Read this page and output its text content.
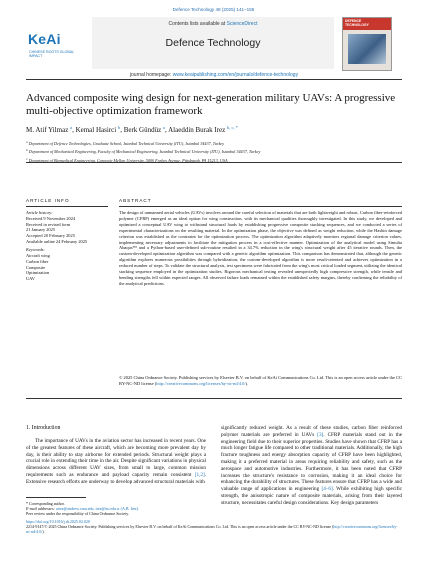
Defence Technology 48 (2025) 141–155
KeAi
CHINESE ROOTS GLOBAL IMPACT
Contents lists available at ScienceDirect
Defence Technology
DEFENCE TECHNOLOGY
journal homepage: www.keaipublishing.com/en/journals/defence-technology
Advanced composite wing design for next-generation military UAVs: A progressive multi-objective optimization framework
M. Atif Yilmaz $^a$, Kemal Hasirci $^b$, Berk Gündüz $^a$, Alaeddin Burak Irez $^{b, c, *}$
$^a$ Department of Defence Technologies, Graduate School, Istanbul Technical University (ITU), Istanbul 34437, Turkey
$^b$ Department of Mechanical Engineering, Faculty of Mechanical Engineering, Istanbul Technical University (ITU), Istanbul 34437, Turkey
$^c$ Department of Biomedical Engineering, Carnegie Mellon University, 5000 Forbes Avenue, Pittsburgh, PA 15213, USA
ARTICLE INFO	ABSTRACT
Article history:
Received 9 November 2024
Received in revised form
21 January 2025
Accepted 20 February 2025
Available online 24 February 2025
Keywords:
Aircraft wing
Carbon fiber
Composite
Optimization
UAV
The design of unmanned aerial vehicles (UAVs) involves around the careful selection of materials that are both lightweight and robust. Carbon fiber-reinforced polymer (CFRP) emerged as an ideal option for wing construction, with its mechanical qualities thoroughly investigated. In this study, we developed and optimized a conceptual UAV wing to withstand structural loads by establishing progressive composite stacking sequences, and we conducted a series of experimental characterizations on the resulting material. In the optimization phase, the objective was defined as weight reduction, while the Hashin damage criterion was established as the constraint for the optimization process. The optimization algorithm adaptively monitors regional damage criterion values, implementing necessary adjustments to facilitate the mitigation process in a cost-effective manner. Optimization of the analytical model using Simulia Abaqus™ and a Python-based user-defined sub-routine resulted in a 34.7% reduction in the wing's structural weight after 45 iterative rounds. Then, the custom-developed optimization algorithm was compared with a genetic algorithm optimization. This comparison has demonstrated that, although the genetic algorithm explores numerous possibilities through hybridization, the custom-developed algorithm is more result-oriented and achieves optimization in a reduced number of steps. To validate the structural analysis, test specimens were fabricated from the wing's most critical loaded segment, utilizing the identical stacking sequence employed in the optimization studies. Rigorous mechanical testing revealed unexpectedly high compressive strength, while tensile and bending strengths fell within expected ranges. All observed failure loads remained within the established safety margins, thereby confirming the reliability of the analytical predictions.
© 2025 China Ordnance Society. Publishing services by Elsevier B.V. on behalf of KeAi Communications Co. Ltd. This is an open access article under the CC BY-NC-ND license (http://creativecommons.org/licenses/by-nc-nd/4.0/).
1. Introduction

The importance of UAVs in the aviation sector has increased in recent years. One of the greatest features of these aircraft, which are becoming more prevalent day by day, is their ability to stay airborne for extended periods. Structural weight plays a crucial role in extending their time in the air. Despite significant variations in physical dimensions across different UAV sizes, from small to large, common mission requirements such as endurance and payload capacity remain consistent [1,2]. Extensive research efforts are underway to develop advanced structural materials with

significantly reduced weight. As a result of these studies, carbon fiber reinforced polymer materials are preferred in UAVs [3]. CFRP materials stand out in the engineering field due to their superior properties. Studies have shown that CFRP has a much longer fatigue life compared to other traditional materials. Additionally, the high fracture toughness and energy absorption capacity of CFRP have been highlighted, making it a preferred material in areas requiring reliability and safety, such as the aerospace and automotive industries. Furthermore, it has been noted that CFRP increases the structure's resistance to corrosion, making it an ideal choice for enhancing the durability of structures. These features ensure that CFRP has a wide and valuable range of applications in engineering [4–6]. While exhibiting high specific strength, the anisotropic nature of composite materials, arising from their layered structure, necessitates careful design considerations. Key design parameters

* Corresponding author.
E-mail addresses: airez@andrew.cmu.edu, irez@itu.edu.tr (A.B. Irez).
Peer review under the responsibility of China Ordnance Society.
https://doi.org/10.1016/j.dt.2025.02.020
2214-9147/© 2025 China Ordnance Society. Publishing services by Elsevier B.V. on behalf of KeAi Communications Co. Ltd. This is an open access article under the CC BY-NC-ND license (http://creativecommons.org/licenses/by-nc-nd/4.0/).
